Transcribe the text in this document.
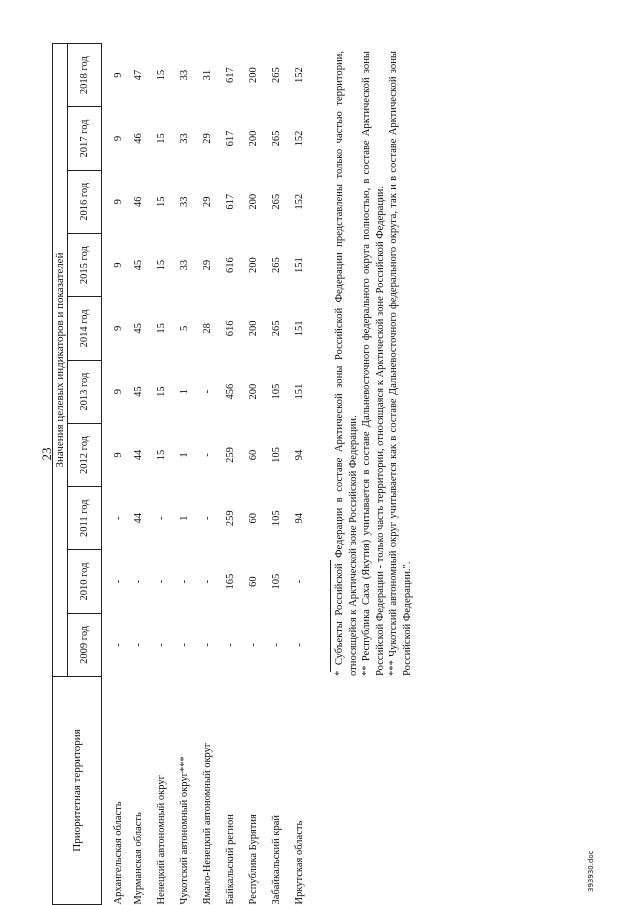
23
Приоритетная территория	Значения целевых индикаторов и показателей									
	2009 год	2010 год	2011 год	2012 год	2013 год	2014 год	2015 год	2016 год	2017 год	2018 год
Архангельская область	-	-	-	9	9	9	9	9	9	9
Мурманская область	-	-	44	44	45	45	45	46	46	47
Ненецкий автономный округ	-	-	-	15	15	15	15	15	15	15
Чукотский автономный округ***	-	-	1	1	1	5	33	33	33	33
Ямало-Ненецкий автономный округ	-	-	-	-	-	28	29	29	29	31
Байкальский регион	-	165	259	259	456	616	616	617	617	617
Республика Бурятия	-	60	60	60	200	200	200	200	200	200
Забайкальский край	-	105	105	105	105	265	265	265	265	265
Иркутская область	-	-	94	94	151	151	151	152	152	152	* Субъекты Российской Федерации в составе Арктической зоны Российской Федерации представлены только частью территории, относящейся к Арктической зоне Российской Федерации. ** Республика Саха (Якутия) учитывается в составе Дальневосточного федерального округа полностью, в составе Арктической зоны Российской Федерации - только часть территории, относящаяся к Арктической зоне Российской Федерации. *** Чукотский автономный округ учитывается как в составе Дальневосточного федерального округа, так и в составе Арктической зоны Российской Федерации.".

393930.doc
